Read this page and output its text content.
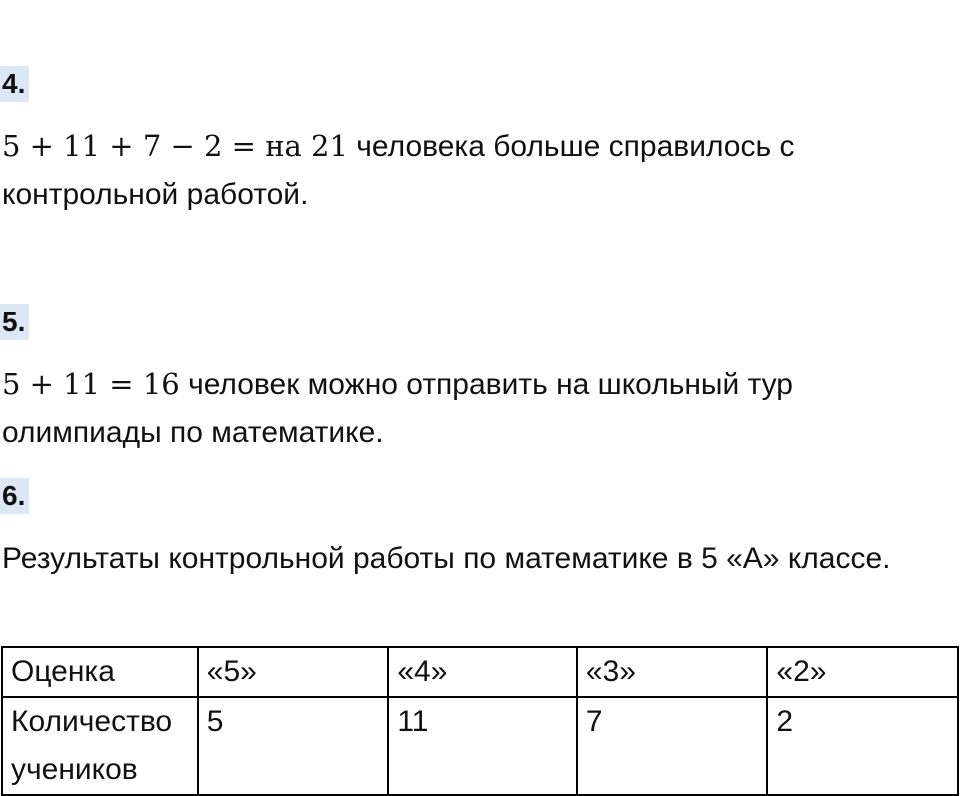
4.

5 + 11 + 7 − 2 = на 21 человека больше справилось с контрольной работой.

5.

5 + 11 = 16 человек можно отправить на школьный тур олимпиады по математике.

6.

Результаты контрольной работы по математике в 5 «А» классе.

Оценка	«5»	«4»	«3»	«2»
Количество учеников	5	11	7	2
